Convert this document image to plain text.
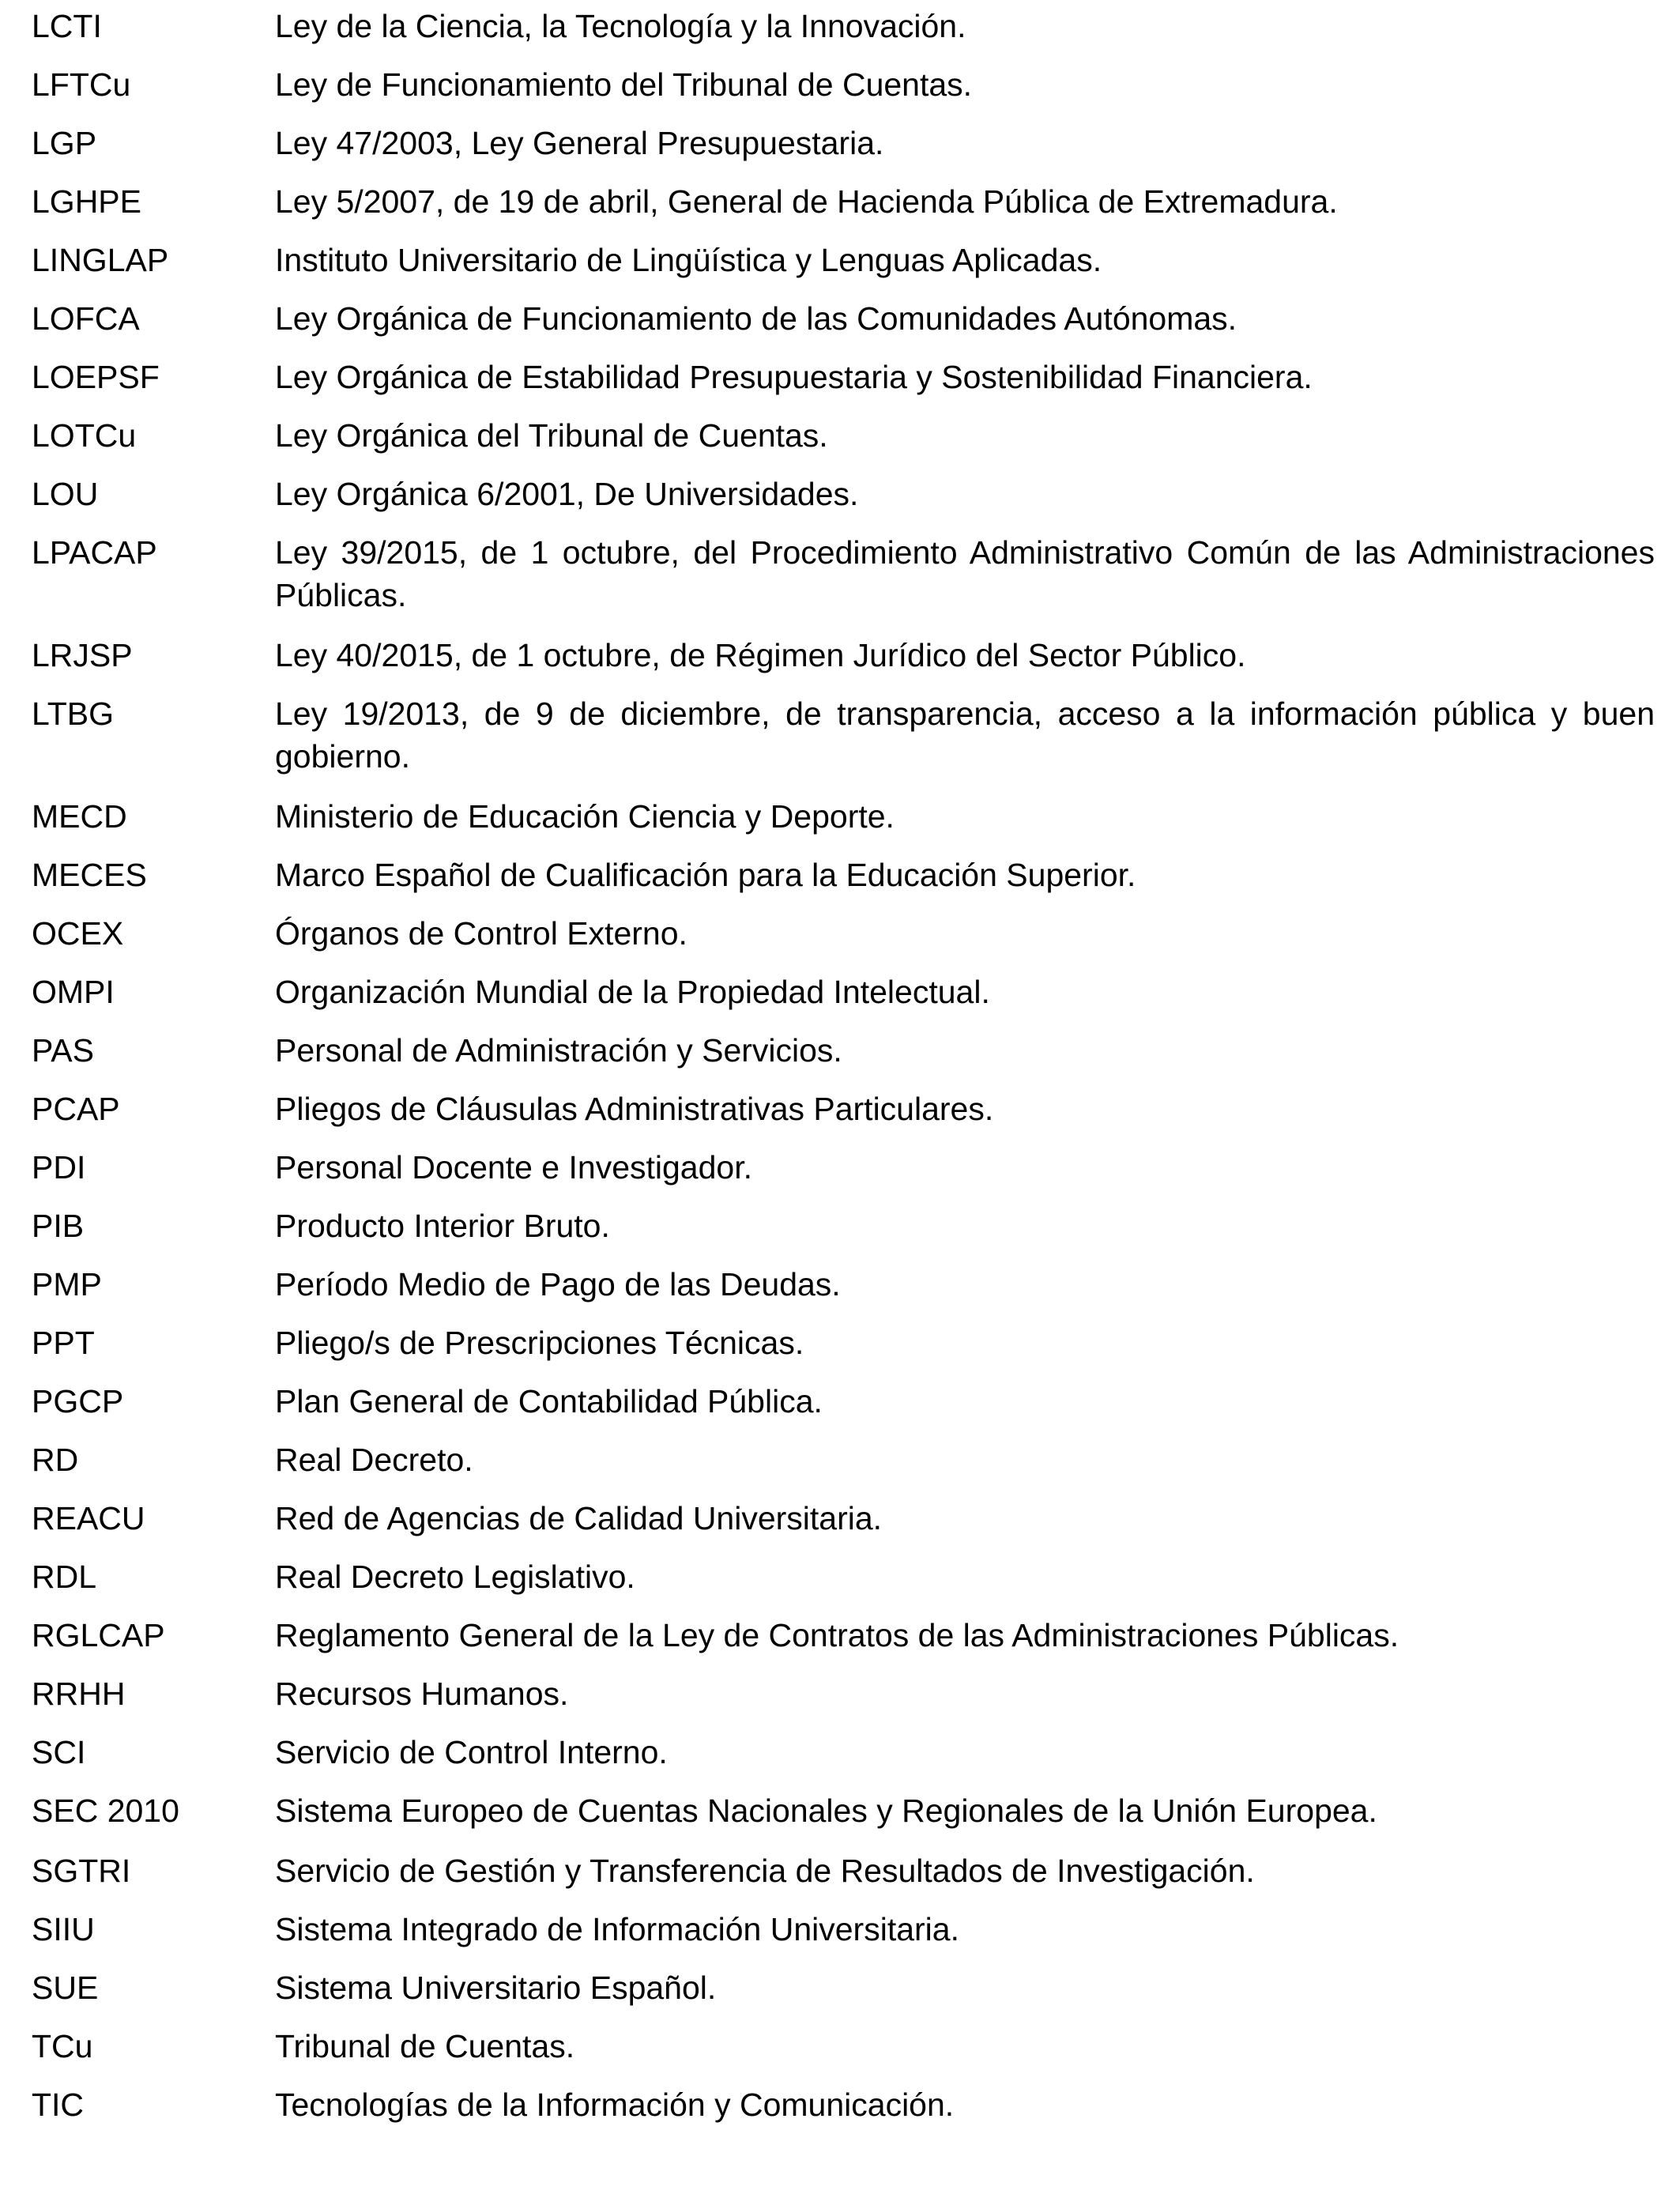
LCTI	Ley de la Ciencia, la Tecnología y la Innovación.
LFTCu	Ley de Funcionamiento del Tribunal de Cuentas.
LGP	Ley 47/2003, Ley General Presupuestaria.
LGHPE	Ley 5/2007, de 19 de abril, General de Hacienda Pública de Extremadura.
LINGLAP	Instituto Universitario de Lingüística y Lenguas Aplicadas.
LOFCA	Ley Orgánica de Funcionamiento de las Comunidades Autónomas.
LOEPSF	Ley Orgánica de Estabilidad Presupuestaria y Sostenibilidad Financiera.
LOTCu	Ley Orgánica del Tribunal de Cuentas.
LOU	Ley Orgánica 6/2001, De Universidades.
LPACAP	Ley 39/2015, de 1 octubre, del Procedimiento Administrativo Común de las Administraciones Públicas.
LRJSP	Ley 40/2015, de 1 octubre, de Régimen Jurídico del Sector Público.
LTBG	Ley 19/2013, de 9 de diciembre, de transparencia, acceso a la información pública y buen gobierno.
MECD	Ministerio de Educación Ciencia y Deporte.
MECES	Marco Español de Cualificación para la Educación Superior.
OCEX	Órganos de Control Externo.
OMPI	Organización Mundial de la Propiedad Intelectual.
PAS	Personal de Administración y Servicios.
PCAP	Pliegos de Cláusulas Administrativas Particulares.
PDI	Personal Docente e Investigador.
PIB	Producto Interior Bruto.
PMP	Período Medio de Pago de las Deudas.
PPT	Pliego/s de Prescripciones Técnicas.
PGCP	Plan General de Contabilidad Pública.
RD	Real Decreto.
REACU	Red de Agencias de Calidad Universitaria.
RDL	Real Decreto Legislativo.
RGLCAP	Reglamento General de la Ley de Contratos de las Administraciones Públicas.
RRHH	Recursos Humanos.
SCI	Servicio de Control Interno.
SEC 2010	Sistema Europeo de Cuentas Nacionales y Regionales de la Unión Europea.
SGTRI	Servicio de Gestión y Transferencia de Resultados de Investigación.
SIIU	Sistema Integrado de Información Universitaria.
SUE	Sistema Universitario Español.
TCu	Tribunal de Cuentas.
TIC	Tecnologías de la Información y Comunicación.
